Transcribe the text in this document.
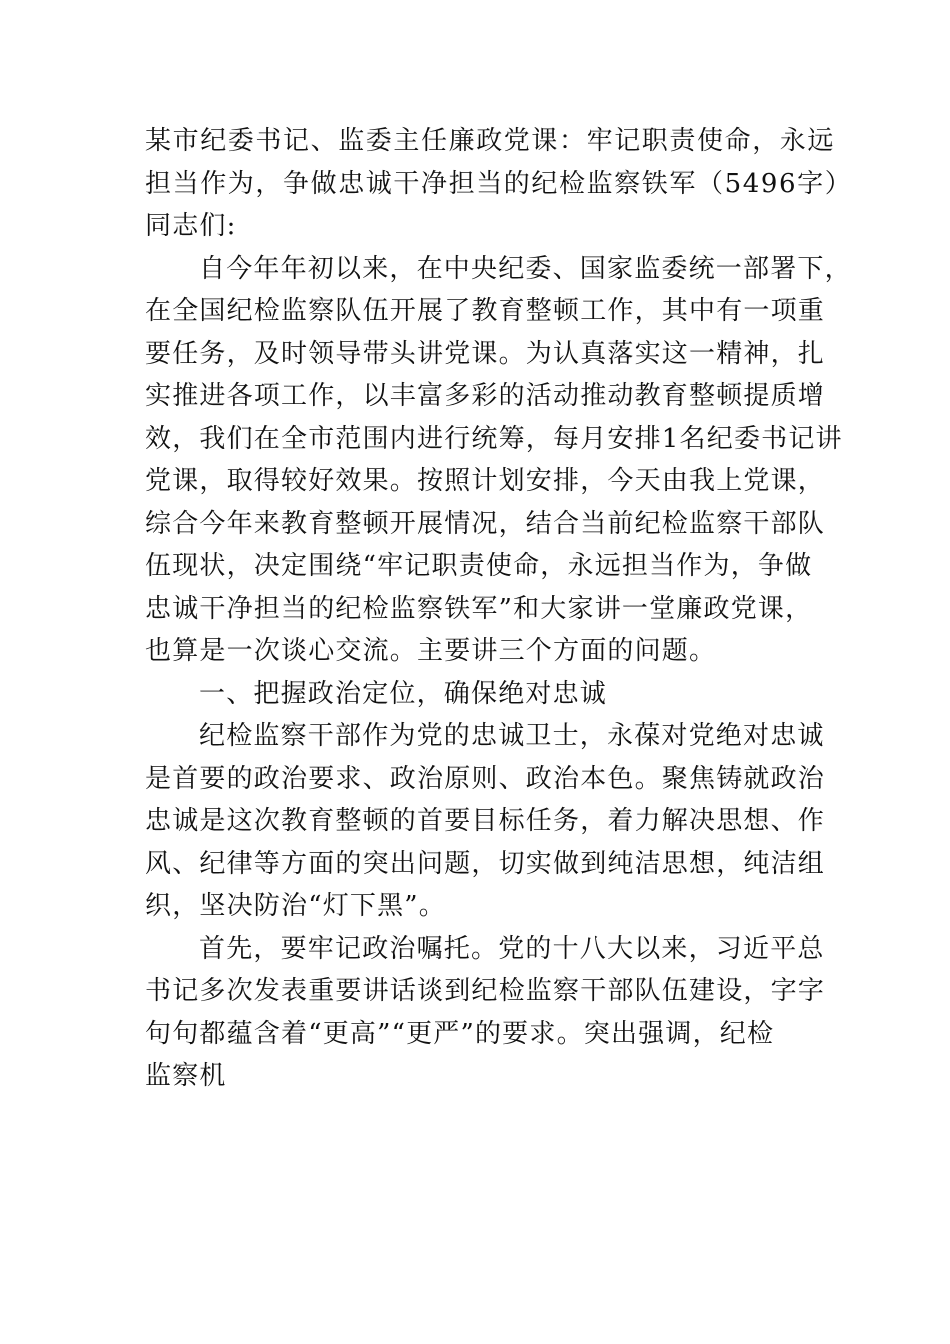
某市纪委书记、监委主任廉政党课：牢记职责使命，永远
担当作为，争做忠诚干净担当的纪检监察铁军（5496字）
同志们:
自今年年初以来，在中央纪委、国家监委统一部署下，
在全国纪检监察队伍开展了教育整顿工作，其中有一项重
要任务，及时领导带头讲党课。为认真落实这一精神，扎
实推进各项工作，以丰富多彩的活动推动教育整顿提质增
效，我们在全市范围内进行统筹，每月安排1名纪委书记讲
党课，取得较好效果。按照计划安排，今天由我上党课，
综合今年来教育整顿开展情况，结合当前纪检监察干部队
伍现状，决定围绕“牢记职责使命，永远担当作为，争做
忠诚干净担当的纪检监察铁军”和大家讲一堂廉政党课，
也算是一次谈心交流。主要讲三个方面的问题。
一、把握政治定位，确保绝对忠诚
纪检监察干部作为党的忠诚卫士，永葆对党绝对忠诚
是首要的政治要求、政治原则、政治本色。聚焦铸就政治
忠诚是这次教育整顿的首要目标任务，着力解决思想、作
风、纪律等方面的突出问题，切实做到纯洁思想，纯洁组
织，坚决防治“灯下黑”。
首先，要牢记政治嘱托。党的十八大以来，习近平总
书记多次发表重要讲话谈到纪检监察干部队伍建设，字字
句句都蕴含着“更高”“更严”的要求。突出强调，纪检
监察机
